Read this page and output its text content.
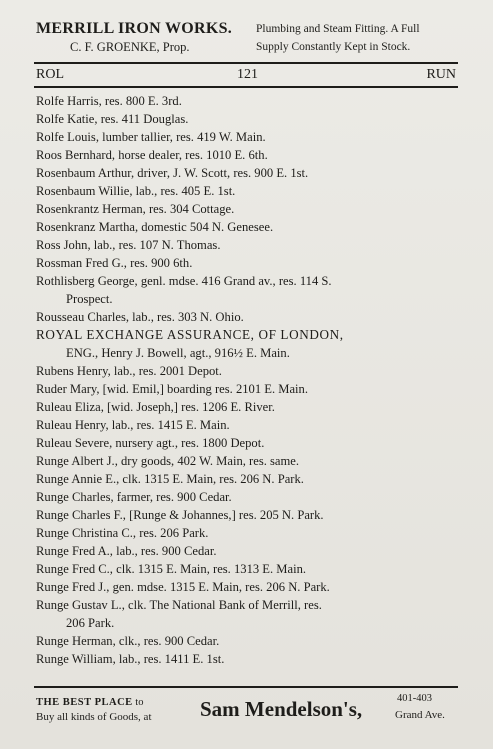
MERRILL IRON WORKS.
C. F. GROENKE, Prop.
Plumbing and Steam Fitting. A Full
Supply Constantly Kept in Stock.
ROL	121	RUN
Rolfe Harris, res. 800 E. 3rd.
Rolfe Katie, res. 411 Douglas.
Rolfe Louis, lumber tallier, res. 419 W. Main.
Roos Bernhard, horse dealer, res. 1010 E. 6th.
Rosenbaum Arthur, driver, J. W. Scott, res. 900 E. 1st.
Rosenbaum Willie, lab., res. 405 E. 1st.
Rosenkrantz Herman, res. 304 Cottage.
Rosenkranz Martha, domestic 504 N. Genesee.
Ross John, lab., res. 107 N. Thomas.
Rossman Fred G., res. 900 6th.
Rothlisberg George, genl. mdse. 416 Grand av., res. 114 S.
Prospect.
Rousseau Charles, lab., res. 303 N. Ohio.
ROYAL EXCHANGE ASSURANCE, OF LONDON,
ENG., Henry J. Bowell, agt., 916½ E. Main.
Rubens Henry, lab., res. 2001 Depot.
Ruder Mary, [wid. Emil,] boarding res. 2101 E. Main.
Ruleau Eliza, [wid. Joseph,] res. 1206 E. River.
Ruleau Henry, lab., res. 1415 E. Main.
Ruleau Severe, nursery agt., res. 1800 Depot.
Runge Albert J., dry goods, 402 W. Main, res. same.
Runge Annie E., clk. 1315 E. Main, res. 206 N. Park.
Runge Charles, farmer, res. 900 Cedar.
Runge Charles F., [Runge & Johannes,] res. 205 N. Park.
Runge Christina C., res. 206 Park.
Runge Fred A., lab., res. 900 Cedar.
Runge Fred C., clk. 1315 E. Main, res. 1313 E. Main.
Runge Fred J., gen. mdse. 1315 E. Main, res. 206 N. Park.
Runge Gustav L., clk. The National Bank of Merrill, res.
206 Park.
Runge Herman, clk., res. 900 Cedar.
Runge William, lab., res. 1411 E. 1st.
THE BEST PLACE to
Buy all kinds of Goods, at Sam Mendelson's,	401-403
Grand Ave.
